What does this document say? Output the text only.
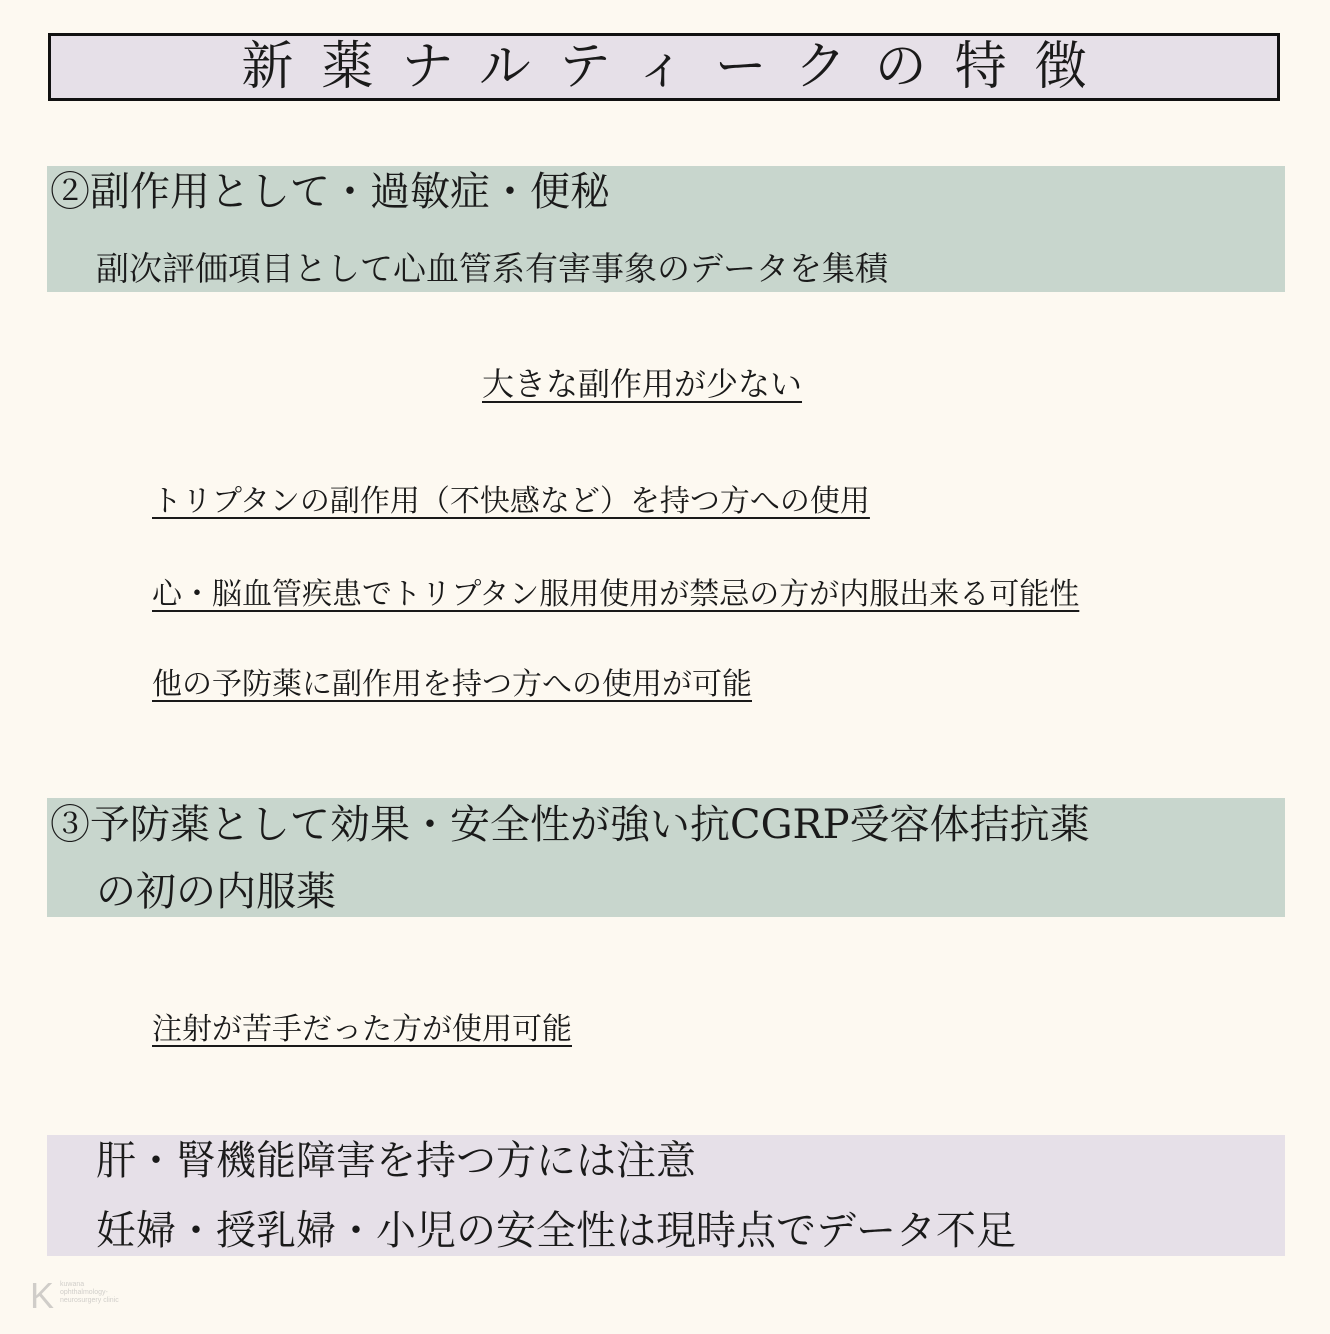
新薬ナルティークの特徴
②副作用として・過敏症・便秘
副次評価項目として心血管系有害事象のデータを集積
大きな副作用が少ない
トリプタンの副作用（不快感など）を持つ方への使用
心・脳血管疾患でトリプタン服用使用が禁忌の方が内服出来る可能性
他の予防薬に副作用を持つ方への使用が可能
③予防薬として効果・安全性が強い抗CGRP受容体拮抗薬
の初の内服薬
注射が苦手だった方が使用可能
肝・腎機能障害を持つ方には注意
妊婦・授乳婦・小児の安全性は現時点でデータ不足
K kuwana ophthalmology-neurosurgery clinic
